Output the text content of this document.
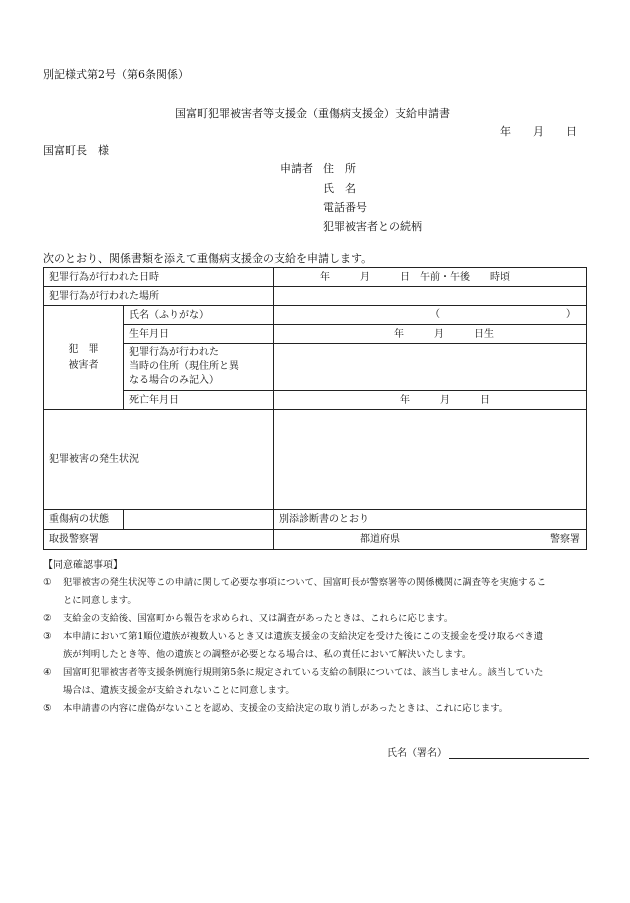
別記様式第2号（第6条関係）
国富町犯罪被害者等支援金（重傷病支援金）支給申請書
年　　月　　日
国富町長　様
申請者 住　所
氏　名
電話番号
犯罪被害者との続柄
次のとおり、関係書類を添えて重傷病支援金の支給を申請します。
犯罪行為が行われた日時		年　　　月　　　日　午前・午後　　時頃
犯罪行為が行われた場所		
犯　罪
被害者	氏名（ふりがな）	（ ）

	生年月日	年　　　月　　　日生
	犯罪行為が行われた
当時の住所（現住所と異
なる場合のみ記入）	
	死亡年月日	年　　　月　　　日
犯罪被害の発生状況		
重傷病の状態		別添診断書のとおり
取扱警察署		都道府県 警察署
【同意確認事項】
① 犯罪被害の発生状況等この申請に関して必要な事項について、国富町長が警察署等の関係機関に調査等を実施するこ
とに同意します。
② 支給金の支給後、国富町から報告を求められ、又は調査があったときは、これらに応じます。
③ 本申請において第1順位遺族が複数人いるとき又は遺族支援金の支給決定を受けた後にこの支援金を受け取るべき遺
族が判明したとき等、他の遺族との調整が必要となる場合は、私の責任において解決いたします。
④ 国富町犯罪被害者等支援条例施行規則第5条に規定されている支給の制限については、該当しません。該当していた
場合は、遺族支援金が支給されないことに同意します。
⑤ 本申請書の内容に虚偽がないことを認め、支援金の支給決定の取り消しがあったときは、これに応じます。
氏名（署名）
